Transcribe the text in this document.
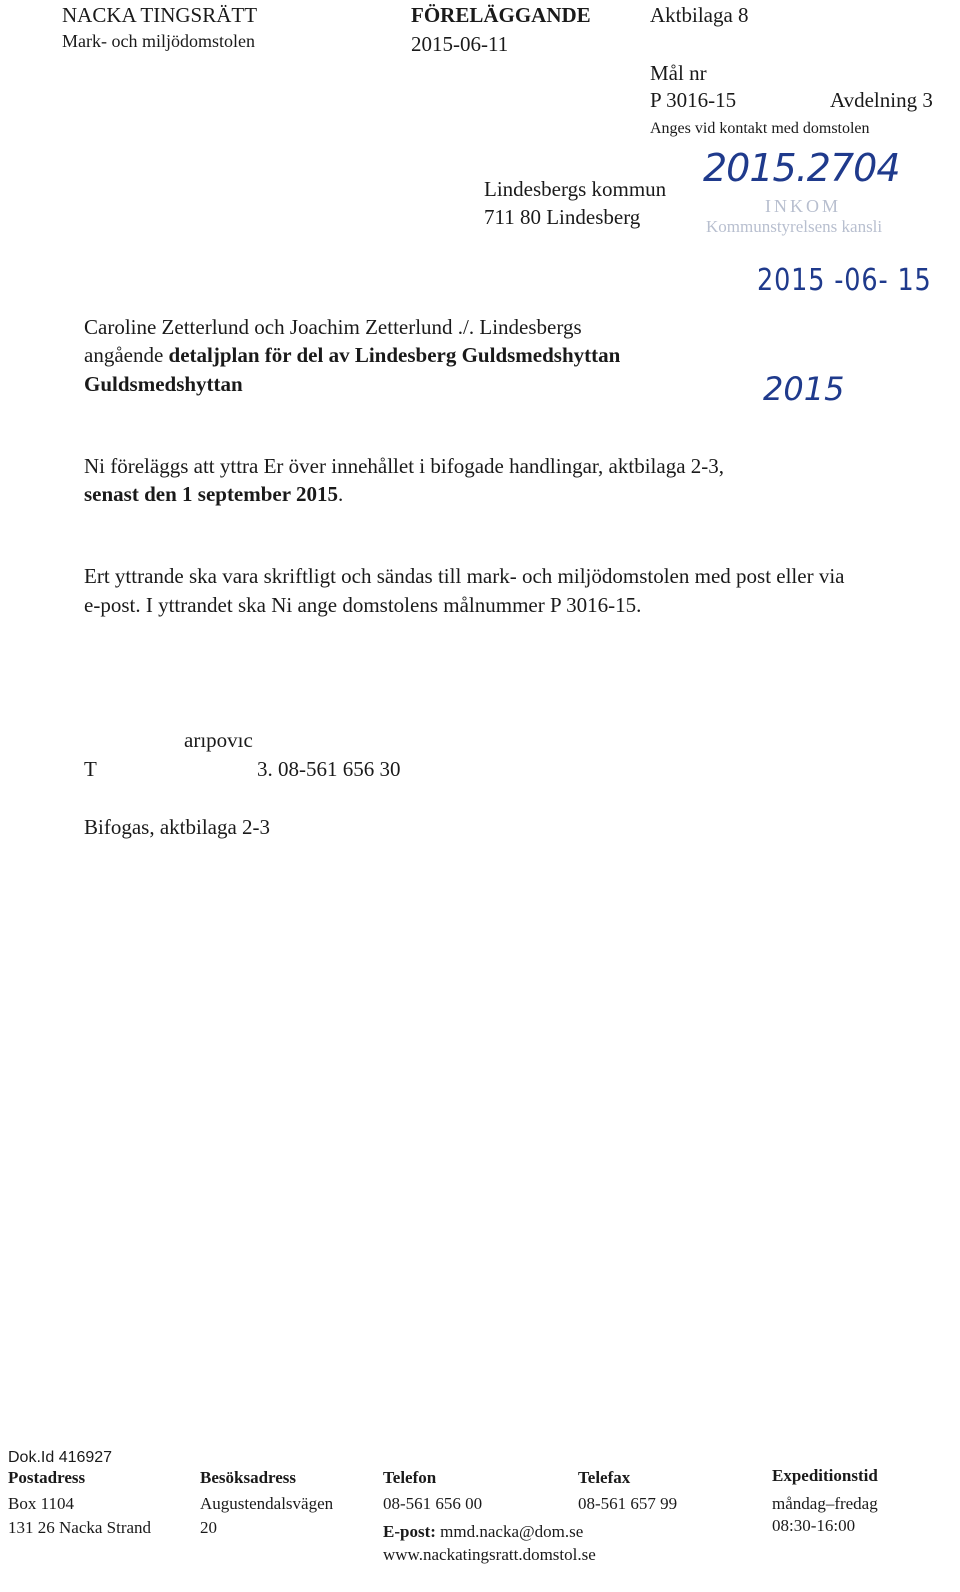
NACKA TINGSRÄTT
Mark- och miljödomstolen
FÖRELÄGGANDE
2015-06-11
Aktbilaga 8
Mål nr
P 3016-15	Avdelning 3
Anges vid kontakt med domstolen
Lindesbergs kommun
711 80 Lindesberg
2015.2704
INKOM
Kommunstyrelsens kansli
2015 -06- 15
2015
Caroline Zetterlund och Joachim Zetterlund ./. Lindesbergs
angående detaljplan för del av Lindesberg Guldsmedshyttan
Guldsmedshyttan
Ni föreläggs att yttra Er över innehållet i bifogade handlingar, aktbilaga 2-3,
senast den 1 september 2015.
Ert yttrande ska vara skriftligt och sändas till mark- och miljödomstolen med post eller via
e-post. I yttrandet ska Ni ange domstolens målnummer P 3016-15.
arıpovıc
T	3. 08-561 656 30
Bifogas, aktbilaga 2-3
Dok.Id 416927
Postadress
Box 1104
131 26 Nacka Strand
Besöksadress
Augustendalsvägen
20
Telefon
08-561 656 00
E-post: mmd.nacka@dom.se
www.nackatingsratt.domstol.se
Telefax
08-561 657 99
Expeditionstid
måndag–fredag
08:30-16:00
